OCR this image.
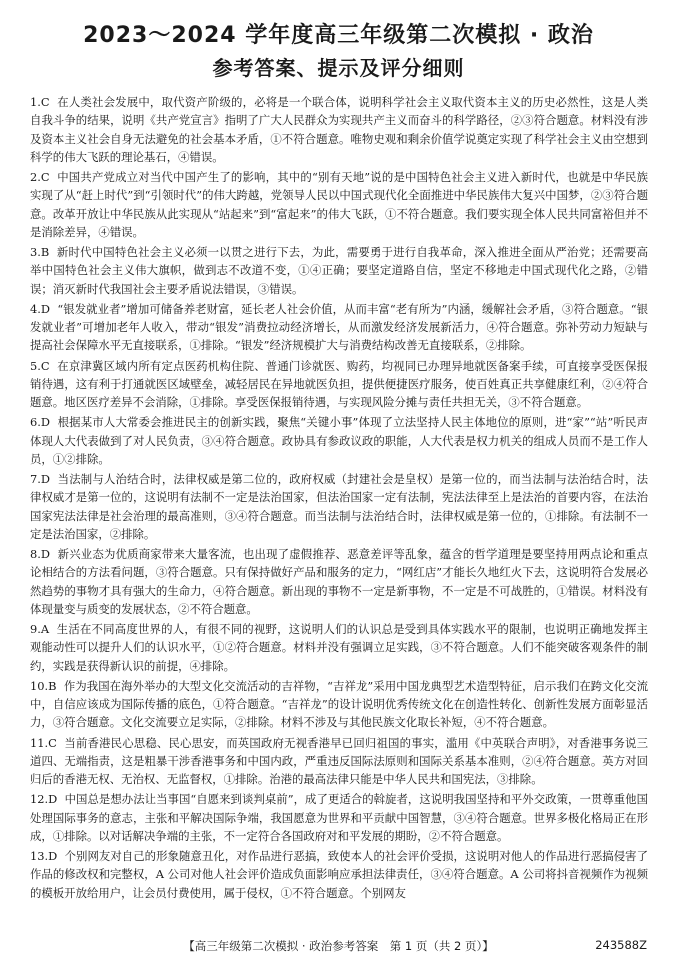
2023～2024 学年度高三年级第二次模拟 · 政治
参考答案、提示及评分细则
1.C 在人类社会发展中，取代资产阶级的，必将是一个联合体，说明科学社会主义取代资本主义的历史必然性，这是人类自我斗争的结果，说明《共产党宣言》指明了广大人民群众为实现共产主义而奋斗的科学路径，②③符合题意。材料没有涉及资本主义社会自身无法避免的社会基本矛盾，①不符合题意。唯物史观和剩余价值学说奠定实现了科学社会主义由空想到科学的伟大飞跃的理论基石，④错误。
2.C 中国共产党成立对当代中国产生了的影响，其中的“别有天地”说的是中国特色社会主义进入新时代，也就是中华民族实现了从“赶上时代”到“引领时代”的伟大跨越，党领导人民以中国式现代化全面推进中华民族伟大复兴中国梦，②③符合题意。改革开放让中华民族从此实现从“站起来”到“富起来”的伟大飞跃，①不符合题意。我们要实现全体人民共同富裕但并不是消除差异，④错误。
3.B 新时代中国特色社会主义必须一以贯之进行下去，为此，需要勇于进行自我革命，深入推进全面从严治党；还需要高举中国特色社会主义伟大旗帜，做到志不改道不变，①④正确；要坚定道路自信，坚定不移地走中国式现代化之路，②错误；消灭新时代我国社会主要矛盾说法错误，③错误。
4.D “银发就业者”增加可储备养老财富，延长老人社会价值，从而丰富“老有所为”内涵，缓解社会矛盾，③符合题意。“银发就业者”可增加老年人收入，带动“银发”消费拉动经济增长，从而激发经济发展新活力，④符合题意。弥补劳动力短缺与提高社会保障水平无直接联系，①排除。“银发”经济规模扩大与消费结构改善无直接联系，②排除。
5.C 在京津冀区域内所有定点医药机构住院、普通门诊就医、购药，均视同已办理异地就医备案手续，可直接享受医保报销待遇，这有利于打通就医区域壁垒，减轻居民在异地就医负担，提供便捷医疗服务，使百姓真正共享健康红利，②④符合题意。地区医疗差异不会消除，①排除。享受医保报销待遇，与实现风险分摊与责任共担无关，③不符合题意。
6.D 根据某市人大常委会推进民主的创新实践，聚焦“关键小事”体现了立法坚持人民主体地位的原则，进“家”“站”听民声体现人大代表做到了对人民负责，③④符合题意。政协具有参政议政的职能，人大代表是权力机关的组成人员而不是工作人员，①②排除。
7.D 当法制与人治结合时，法律权威是第二位的，政府权威（封建社会是皇权）是第一位的，而当法制与法治结合时，法律权威才是第一位的，这说明有法制不一定是法治国家，但法治国家一定有法制，宪法法律至上是法治的首要内容，在法治国家宪法法律是社会治理的最高准则，③④符合题意。而当法制与法治结合时，法律权威是第一位的，①排除。有法制不一定是法治国家，②排除。
8.D 新兴业态为优质商家带来大量客流，也出现了虚假推荐、恶意差评等乱象，蕴含的哲学道理是要坚持用两点论和重点论相结合的方法看问题，③符合题意。只有保持做好产品和服务的定力，“网红店”才能长久地红火下去，这说明符合发展必然趋势的事物才具有强大的生命力，④符合题意。新出现的事物不一定是新事物，不一定是不可战胜的，①错误。材料没有体现量变与质变的发展状态，②不符合题意。
9.A 生活在不同高度世界的人，有很不同的视野，这说明人们的认识总是受到具体实践水平的限制，也说明正确地发挥主观能动性可以提升人们的认识水平，①②符合题意。材料并没有强调立足实践，③不符合题意。人们不能突破客观条件的制约，实践是获得新认识的前提，④排除。
10.B 作为我国在海外举办的大型文化交流活动的吉祥物，“吉祥龙”采用中国龙典型艺术造型特征，启示我们在跨文化交流中，自信应该成为国际传播的底色，①符合题意。“吉祥龙”的设计说明优秀传统文化在创造性转化、创新性发展方面彰显活力，③符合题意。文化交流要立足实际，②排除。材料不涉及与其他民族文化取长补短，④不符合题意。
11.C 当前香港民心思稳、民心思安，而英国政府无视香港早已回归祖国的事实，滥用《中英联合声明》，对香港事务说三道四、无端指责，这是粗暴干涉香港事务和中国内政，严重违反国际法原则和国际关系基本准则，②④符合题意。英方对回归后的香港无权、无治权、无监督权，①排除。治港的最高法律只能是中华人民共和国宪法，③排除。
12.D 中国总是想办法让当事国“自愿来到谈判桌前”，成了更适合的斡旋者，这说明我国坚持和平外交政策，一贯尊重他国处理国际事务的意志，主张和平解决国际争端，我国愿意为世界和平贡献中国智慧，③④符合题意。世界多极化格局正在形成，①排除。以对话解决争端的主张，不一定符合各国政府对和平发展的期盼，②不符合题意。
13.D 个别网友对自己的形象随意丑化，对作品进行恶搞，致使本人的社会评价受损，这说明对他人的作品进行恶搞侵害了作品的修改权和完整权，A 公司对他人社会评价造成负面影响应承担法律责任，③④符合题意。A 公司将抖音视频作为视频的模板开放给用户，让会员付费使用，属于侵权，①不符合题意。个别网友
【高三年级第二次模拟 · 政治参考答案　第 1 页（共 2 页）】	243588Z
